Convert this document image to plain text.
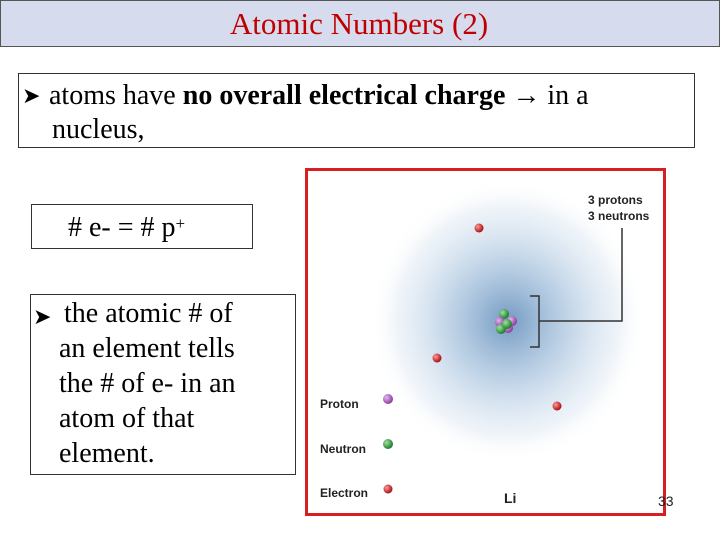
Atomic Numbers (2)
➤ atoms have no overall electrical charge → in a
nucleus,
# e- = # p+
➤ the atomic # of
an element tells
the # of e- in an
atom of that
element.
3 protons
3 neutrons
Proton
Neutron
Electron	Li	33
